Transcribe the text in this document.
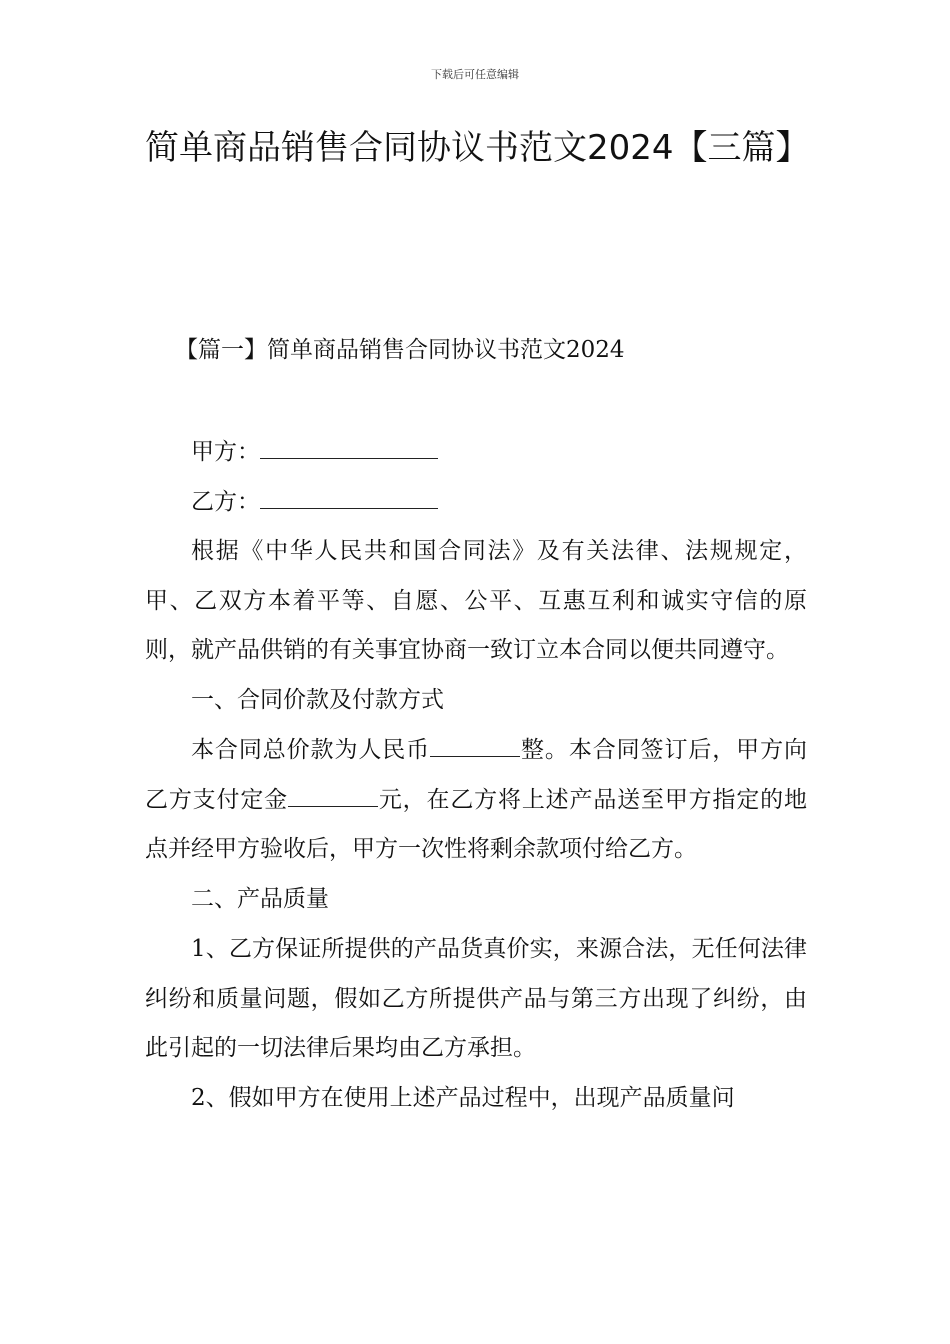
下载后可任意编辑
简单商品销售合同协议书范文2024【三篇】
【篇一】简单商品销售合同协议书范文2024

甲方：

乙方：

根据《中华人民共和国合同法》及有关法律、法规规定，甲、乙双方本着平等、自愿、公平、互惠互利和诚实守信的原则，就产品供销的有关事宜协商一致订立本合同以便共同遵守。

一、合同价款及付款方式

本合同总价款为人民币	整。本合同签订后，甲方向乙方支付定金	元，在乙方将上述产品送至甲方指定的地点并经甲方验收后，甲方一次性将剩余款项付给乙方。

二、产品质量

1、乙方保证所提供的产品货真价实，来源合法，无任何法律纠纷和质量问题，假如乙方所提供产品与第三方出现了纠纷，由此引起的一切法律后果均由乙方承担。

2、假如甲方在使用上述产品过程中，出现产品质量问
